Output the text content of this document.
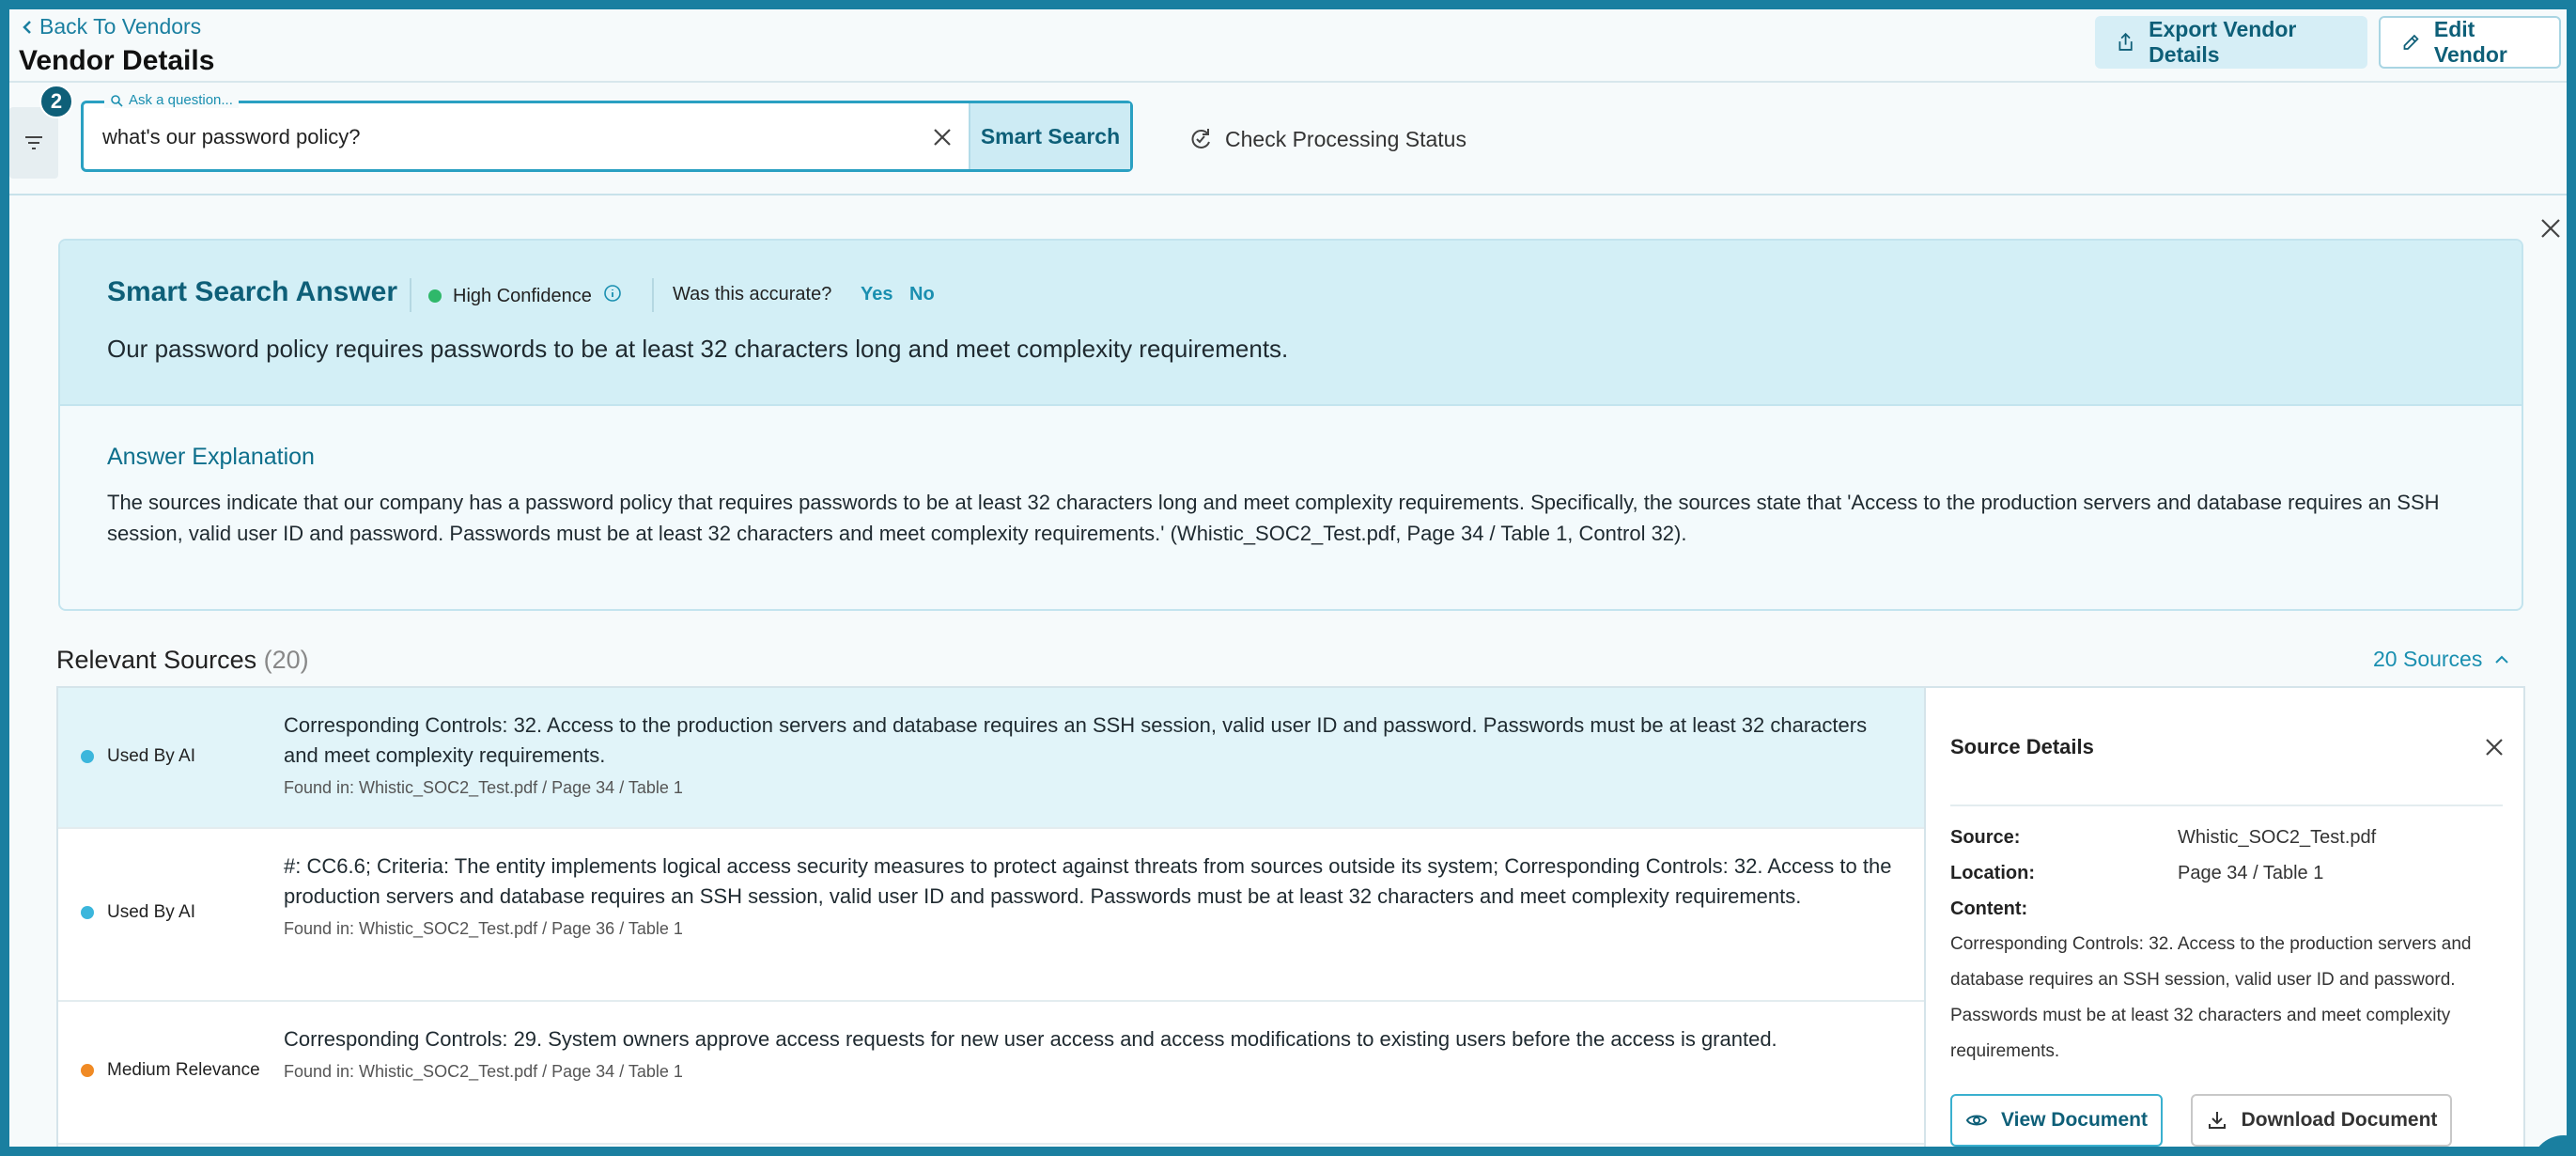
Back To Vendors
Vendor Details
Export Vendor Details
Edit Vendor
2	Ask a question...
what's our password policy?
Smart Search	Check Processing Status
Smart Search Answer	High Confidence	Was this accurate? Yes No
Our password policy requires passwords to be at least 32 characters long and meet complexity requirements.
Answer Explanation
The sources indicate that our company has a password policy that requires passwords to be at least 32 characters long and meet complexity requirements. Specifically, the sources state that 'Access to the production servers and database requires an SSH session, valid user ID and password. Passwords must be at least 32 characters and meet complexity requirements.' (Whistic_SOC2_Test.pdf, Page 34 / Table 1, Control 32).
Relevant Sources (20)	20 Sources
Used By AI
Corresponding Controls: 32. Access to the production servers and database requires an SSH session, valid user ID and password. Passwords must be at least 32 characters and meet complexity requirements.
Found in: Whistic_SOC2_Test.pdf / Page 34 / Table 1
Used By AI
#: CC6.6; Criteria: The entity implements logical access security measures to protect against threats from sources outside its system; Corresponding Controls: 32. Access to the production servers and database requires an SSH session, valid user ID and password. Passwords must be at least 32 characters and meet complexity requirements.
Found in: Whistic_SOC2_Test.pdf / Page 36 / Table 1
Medium Relevance
Corresponding Controls: 29. System owners approve access requests for new user access and access modifications to existing users before the access is granted.
Found in: Whistic_SOC2_Test.pdf / Page 34 / Table 1
Source Details
Source:	Whistic_SOC2_Test.pdf
Location:	Page 34 / Table 1
Content:
Corresponding Controls: 32. Access to the production servers and database requires an SSH session, valid user ID and password. Passwords must be at least 32 characters and meet complexity requirements.
View Document	Download Document
